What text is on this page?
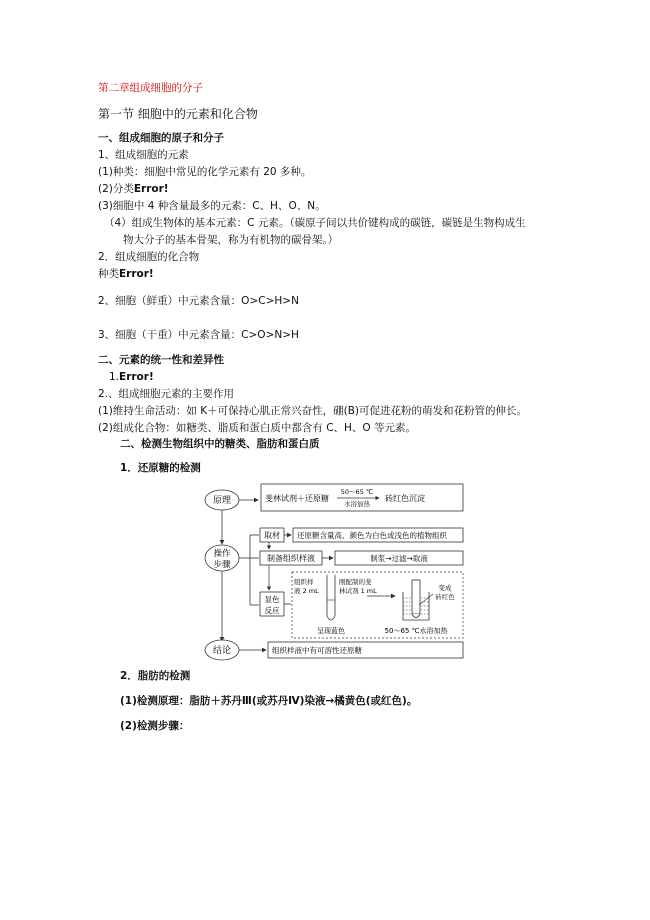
第二章组成细胞的分子
第一节 细胞中的元素和化合物
一、组成细胞的原子和分子
1、组成细胞的元素
(1)种类：细胞中常见的化学元素有 20 多种。
(2)分类Error!
(3)细胞中 4 种含量最多的元素：C、H、O、N。
（4）组成生物体的基本元素：C 元素。（碳原子间以共价键构成的碳链，碳链是生物构成生
物大分子的基本骨架，称为有机物的碳骨架。）
2．组成细胞的化合物
种类Error!
2、细胞（鲜重）中元素含量：O>C>H>N
3、细胞（干重）中元素含量：C>O>N>H
二、元素的统一性和差异性
1.Error!
2.、组成细胞元素的主要作用
(1)维持生命活动：如 K＋可保持心肌正常兴奋性，硼(B)可促进花粉的萌发和花粉管的伸长。
(2)组成化合物：如糖类、脂质和蛋白质中都含有 C、H、O 等元素。
二、检测生物组织中的糖类、脂肪和蛋白质
1．还原糖的检测
原理	斐林试剂＋还原糖
50～65 ℃
水浴加热
砖红色沉淀
操作
步骤
取材 还原糖含量高、颜色为白色或浅色的植物组织
制备组织样液	制浆→过滤→取液
显色
反应
组织样
液 2 mL
刚配制的斐
林试剂 1 mL
呈现蓝色
变成
砖红色
50～65 ℃水浴加热
结论	组织样液中有可溶性还原糖
2．脂肪的检测
(1)检测原理：脂肪＋苏丹Ⅲ(或苏丹Ⅳ)染液→橘黄色(或红色)。
(2)检测步骤：
